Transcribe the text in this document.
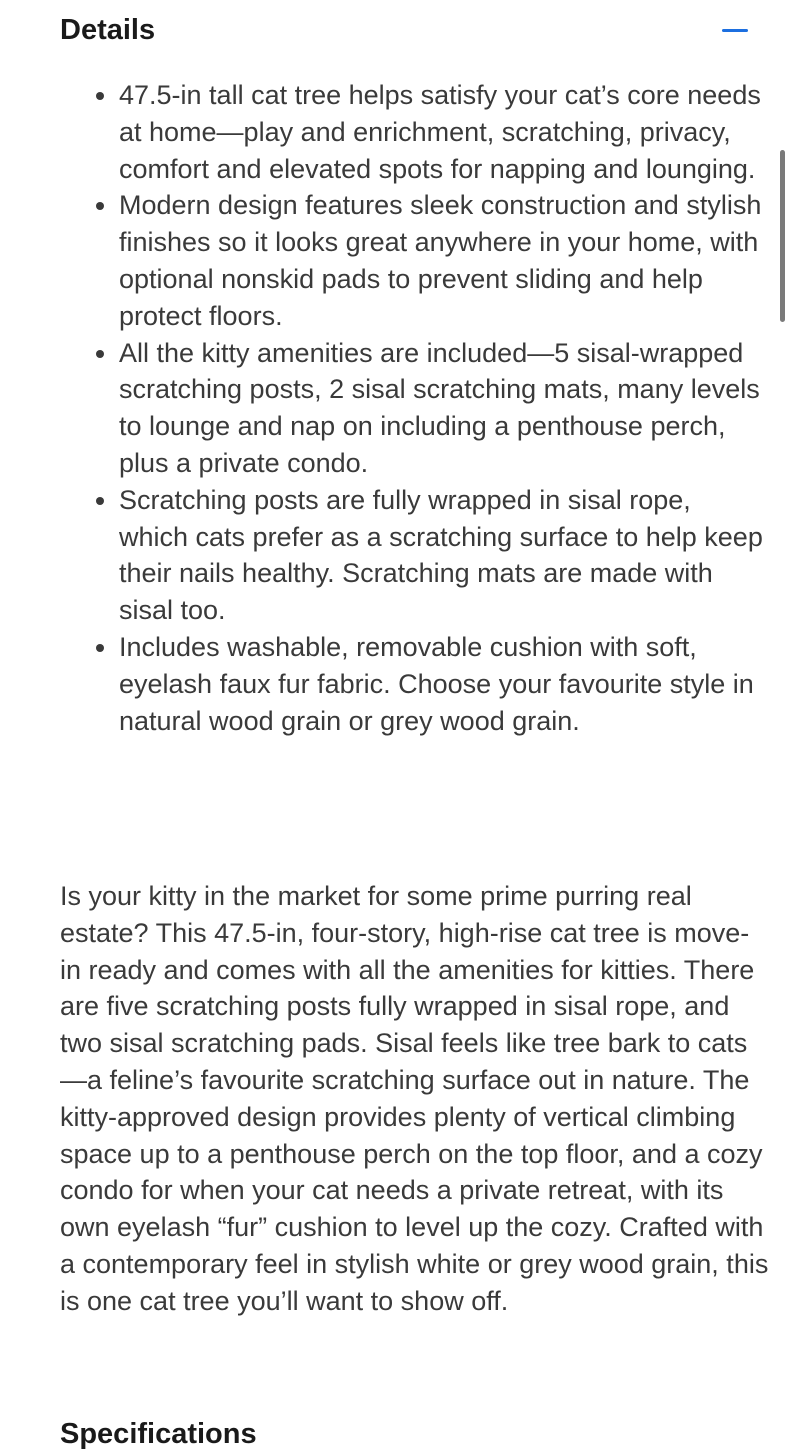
Details
• 47.5-in tall cat tree helps satisfy your cat’s core needs at home—play and enrichment, scratching, privacy, comfort and elevated spots for napping and lounging.
• Modern design features sleek construction and stylish finishes so it looks great anywhere in your home, with optional nonskid pads to prevent sliding and help protect floors.
• All the kitty amenities are included—5 sisal-wrapped scratching posts, 2 sisal scratching mats, many levels to lounge and nap on including a penthouse perch, plus a private condo.
• Scratching posts are fully wrapped in sisal rope, which cats prefer as a scratching surface to help keep their nails healthy. Scratching mats are made with sisal too.
• Includes washable, removable cushion with soft, eyelash faux fur fabric. Choose your favourite style in natural wood grain or grey wood grain.

Is your kitty in the market for some prime purring real estate? This 47.5-in, four-story, high-rise cat tree is move-in ready and comes with all the amenities for kitties. There are five scratching posts fully wrapped in sisal rope, and two sisal scratching pads. Sisal feels like tree bark to cats—a feline’s favourite scratching surface out in nature. The kitty-approved design provides plenty of vertical climbing space up to a penthouse perch on the top floor, and a cozy condo for when your cat needs a private retreat, with its own eyelash “fur” cushion to level up the cozy. Crafted with a contemporary feel in stylish white or grey wood grain, this is one cat tree you’ll want to show off.

Specifications
